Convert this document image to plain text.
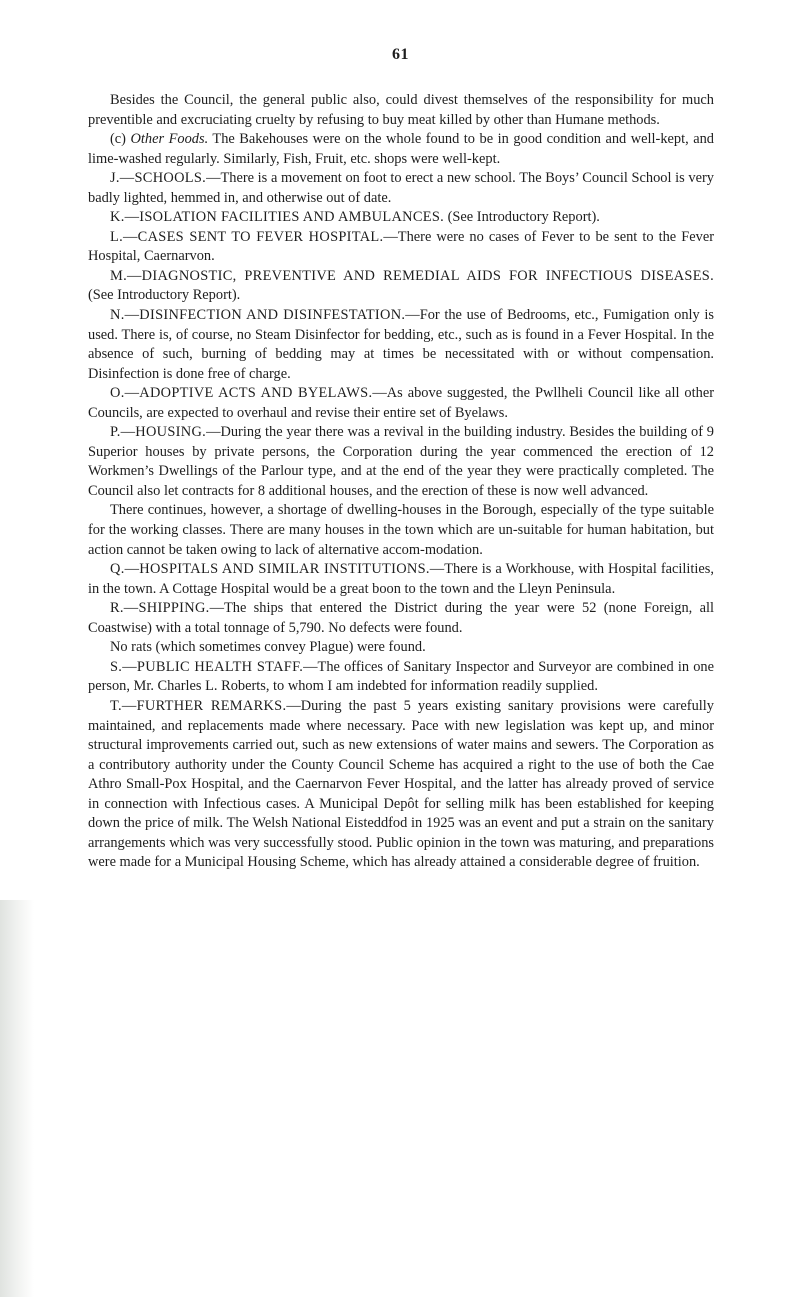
61

Besides the Council, the general public also, could divest themselves of the responsibility for much preventible and excruciating cruelty by refusing to buy meat killed by other than Humane methods.

(c) Other Foods. The Bakehouses were on the whole found to be in good condition and well-kept, and lime-washed regularly. Similarly, Fish, Fruit, etc. shops were well-kept.

J.—SCHOOLS.—There is a movement on foot to erect a new school. The Boys’ Council School is very badly lighted, hemmed in, and otherwise out of date.

K.—ISOLATION FACILITIES AND AMBULANCES. (See Introductory Report).

L.—CASES SENT TO FEVER HOSPITAL.—There were no cases of Fever to be sent to the Fever Hospital, Caernarvon.

M.—DIAGNOSTIC, PREVENTIVE AND REMEDIAL AIDS FOR INFECTIOUS DISEASES. (See Introductory Report).

N.—DISINFECTION AND DISINFESTATION.—For the use of Bedrooms, etc., Fumigation only is used. There is, of course, no Steam Disinfector for bedding, etc., such as is found in a Fever Hospital. In the absence of such, burning of bedding may at times be necessitated with or without compensation. Disinfection is done free of charge.

O.—ADOPTIVE ACTS AND BYELAWS.—As above suggested, the Pwllheli Council like all other Councils, are expected to overhaul and revise their entire set of Byelaws.

P.—HOUSING.—During the year there was a revival in the building industry. Besides the building of 9 Superior houses by private persons, the Corporation during the year commenced the erection of 12 Workmen’s Dwellings of the Parlour type, and at the end of the year they were practically completed. The Council also let contracts for 8 additional houses, and the erection of these is now well advanced.

There continues, however, a shortage of dwelling-houses in the Borough, especially of the type suitable for the working classes. There are many houses in the town which are un-suitable for human habitation, but action cannot be taken owing to lack of alternative accom-modation.

Q.—HOSPITALS AND SIMILAR INSTITUTIONS.—There is a Workhouse, with Hospital facilities, in the town. A Cottage Hospital would be a great boon to the town and the Lleyn Peninsula.

R.—SHIPPING.—The ships that entered the District during the year were 52 (none Foreign, all Coastwise) with a total tonnage of 5,790. No defects were found.

No rats (which sometimes convey Plague) were found.

S.—PUBLIC HEALTH STAFF.—The offices of Sanitary Inspector and Surveyor are combined in one person, Mr. Charles L. Roberts, to whom I am indebted for information readily supplied.

T.—FURTHER REMARKS.—During the past 5 years existing sanitary provisions were carefully maintained, and replacements made where necessary. Pace with new legislation was kept up, and minor structural improvements carried out, such as new extensions of water mains and sewers. The Corporation as a contributory authority under the County Council Scheme has acquired a right to the use of both the Cae Athro Small-Pox Hospital, and the Caernarvon Fever Hospital, and the latter has already proved of service in connection with Infectious cases. A Municipal Depôt for selling milk has been established for keeping down the price of milk. The Welsh National Eisteddfod in 1925 was an event and put a strain on the sanitary arrangements which was very successfully stood. Public opinion in the town was maturing, and preparations were made for a Municipal Housing Scheme, which has already attained a considerable degree of fruition.
